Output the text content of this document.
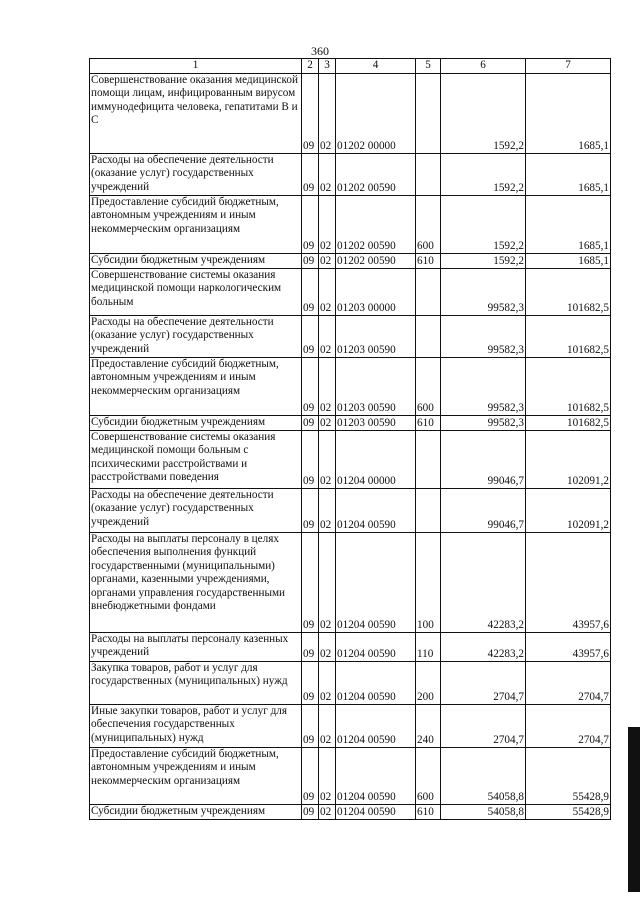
360
1	2	3	4	5	6	7
Совершенствование оказания медицинской помощи лицам, инфицированным вирусом иммунодефицита человека, гепатитами В и С	09	02	01202 00000		1592,2	1685,1
Расходы на обеспечение деятельности (оказание услуг) государственных учреждений	09	02	01202 00590		1592,2	1685,1
Предоставление субсидий бюджетным, автономным учреждениям и иным некоммерческим организациям	09	02	01202 00590	600	1592,2	1685,1
Субсидии бюджетным учреждениям	09	02	01202 00590	610	1592,2	1685,1
Совершенствование системы оказания медицинской помощи наркологическим больным	09	02	01203 00000		99582,3	101682,5
Расходы на обеспечение деятельности (оказание услуг) государственных учреждений	09	02	01203 00590		99582,3	101682,5
Предоставление субсидий бюджетным, автономным учреждениям и иным некоммерческим организациям	09	02	01203 00590	600	99582,3	101682,5
Субсидии бюджетным учреждениям	09	02	01203 00590	610	99582,3	101682,5
Совершенствование системы оказания медицинской помощи больным с психическими расстройствами и расстройствами поведения	09	02	01204 00000		99046,7	102091,2
Расходы на обеспечение деятельности (оказание услуг) государственных учреждений	09	02	01204 00590		99046,7	102091,2
Расходы на выплаты персоналу в целях обеспечения выполнения функций государственными (муниципальными) органами, казенными учреждениями, органами управления государственными внебюджетными фондами	09	02	01204 00590	100	42283,2	43957,6
Расходы на выплаты персоналу казенных учреждений	09	02	01204 00590	110	42283,2	43957,6
Закупка товаров, работ и услуг для государственных (муниципальных) нужд	09	02	01204 00590	200	2704,7	2704,7
Иные закупки товаров, работ и услуг для обеспечения государственных (муниципальных) нужд	09	02	01204 00590	240	2704,7	2704,7
Предоставление субсидий бюджетным, автономным учреждениям и иным некоммерческим организациям	09	02	01204 00590	600	54058,8	55428,9
Субсидии бюджетным учреждениям	09	02	01204 00590	610	54058,8	55428,9
